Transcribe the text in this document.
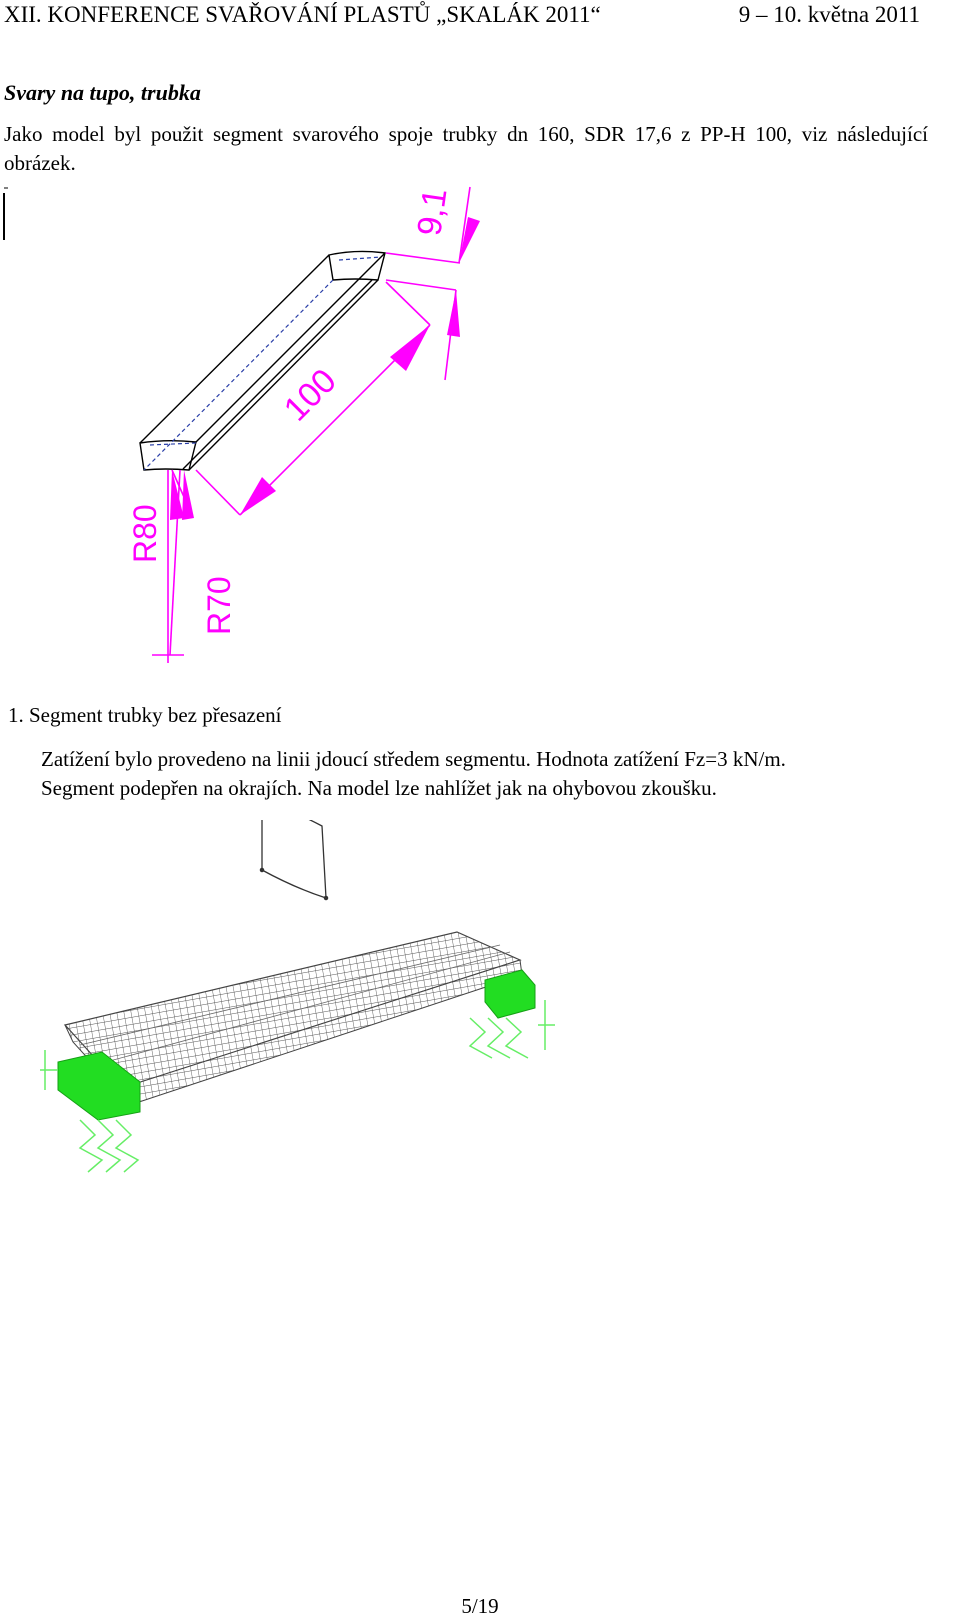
XII. KONFERENCE SVAŘOVÁNÍ PLASTŮ „SKALÁK 2011“	9 – 10. května 2011
Svary na tupo, trubka
Jako model byl použit segment svarového spoje trubky dn 160, SDR 17,6 z PP-H 100, viz následující obrázek.
9,1
100
R80
R70
1. Segment trubky bez přesazení
Zatížení bylo provedeno na linii jdoucí středem segmentu. Hodnota zatížení Fz=3 kN/m.
Segment podepřen na okrajích. Na model lze nahlížet jak na ohybovou zkoušku.
5/19
